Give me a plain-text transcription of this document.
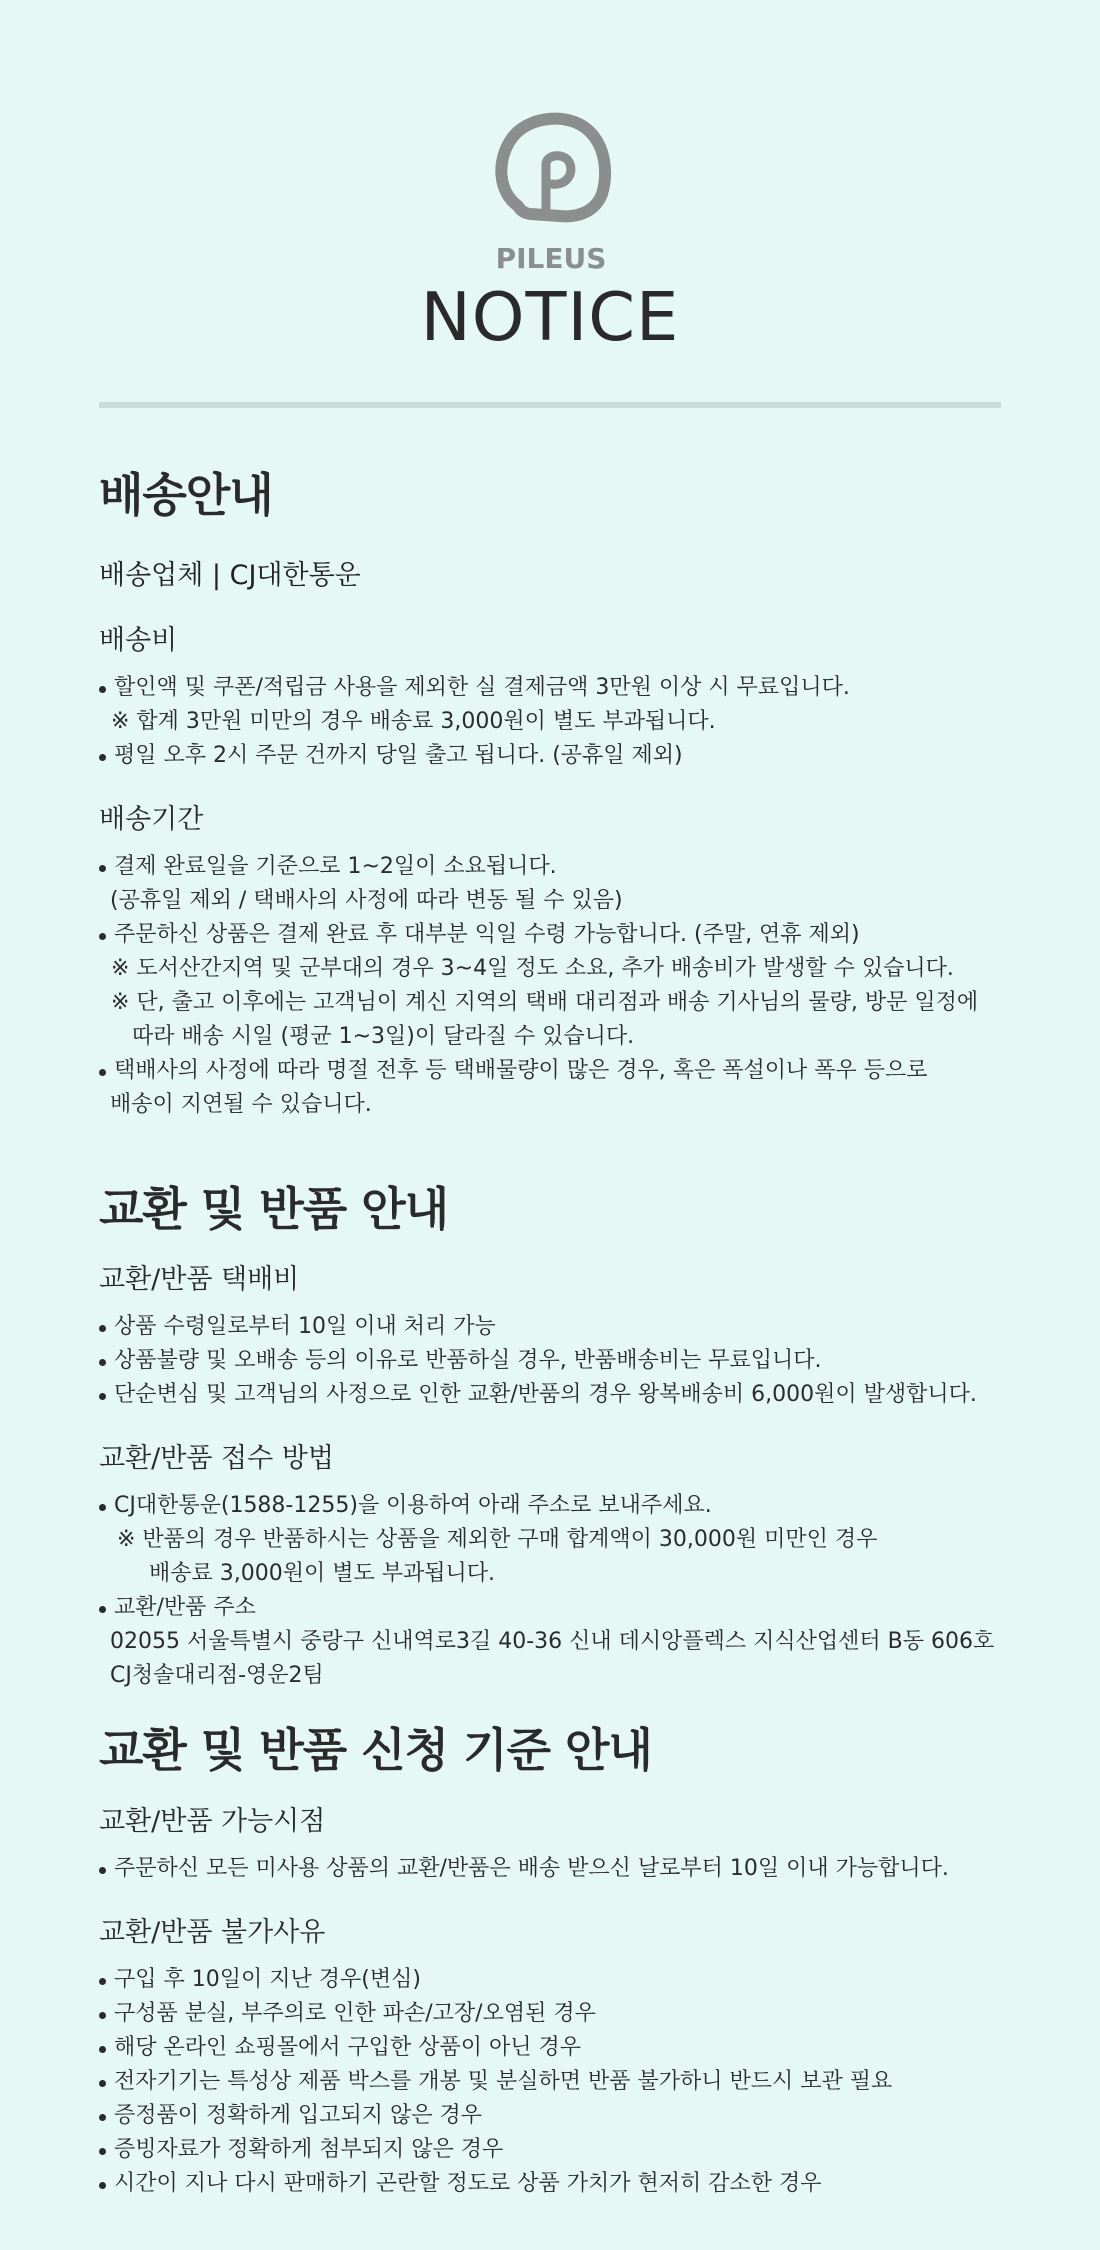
PILEUS
NOTICE
배송안내
배송업체 | CJ대한통운
배송비
할인액 및 쿠폰/적립금 사용을 제외한 실 결제금액 3만원 이상 시 무료입니다.
※ 합계 3만원 미만의 경우 배송료 3,000원이 별도 부과됩니다.
평일 오후 2시 주문 건까지 당일 출고 됩니다. (공휴일 제외)
배송기간
결제 완료일을 기준으로 1~2일이 소요됩니다.
(공휴일 제외 / 택배사의 사정에 따라 변동 될 수 있음)
주문하신 상품은 결제 완료 후 대부분 익일 수령 가능합니다. (주말, 연휴 제외)
※ 도서산간지역 및 군부대의 경우 3~4일 정도 소요, 추가 배송비가 발생할 수 있습니다.
※ 단, 출고 이후에는 고객님이 계신 지역의 택배 대리점과 배송 기사님의 물량, 방문 일정에
따라 배송 시일 (평균 1~3일)이 달라질 수 있습니다.
택배사의 사정에 따라 명절 전후 등 택배물량이 많은 경우, 혹은 폭설이나 폭우 등으로
배송이 지연될 수 있습니다.
교환 및 반품 안내
교환/반품 택배비
상품 수령일로부터 10일 이내 처리 가능
상품불량 및 오배송 등의 이유로 반품하실 경우, 반품배송비는 무료입니다.
단순변심 및 고객님의 사정으로 인한 교환/반품의 경우 왕복배송비 6,000원이 발생합니다.
교환/반품 접수 방법
CJ대한통운(1588-1255)을 이용하여 아래 주소로 보내주세요.
※ 반품의 경우 반품하시는 상품을 제외한 구매 합계액이 30,000원 미만인 경우
배송료 3,000원이 별도 부과됩니다.
교환/반품 주소
02055 서울특별시 중랑구 신내역로3길 40-36 신내 데시앙플렉스 지식산업센터 B동 606호
CJ청솔대리점-영운2팀
교환 및 반품 신청 기준 안내
교환/반품 가능시점
주문하신 모든 미사용 상품의 교환/반품은 배송 받으신 날로부터 10일 이내 가능합니다.
교환/반품 불가사유
구입 후 10일이 지난 경우(변심)
구성품 분실, 부주의로 인한 파손/고장/오염된 경우
해당 온라인 쇼핑몰에서 구입한 상품이 아닌 경우
전자기기는 특성상 제품 박스를 개봉 및 분실하면 반품 불가하니 반드시 보관 필요
증정품이 정확하게 입고되지 않은 경우
증빙자료가 정확하게 첨부되지 않은 경우
시간이 지나 다시 판매하기 곤란할 정도로 상품 가치가 현저히 감소한 경우
